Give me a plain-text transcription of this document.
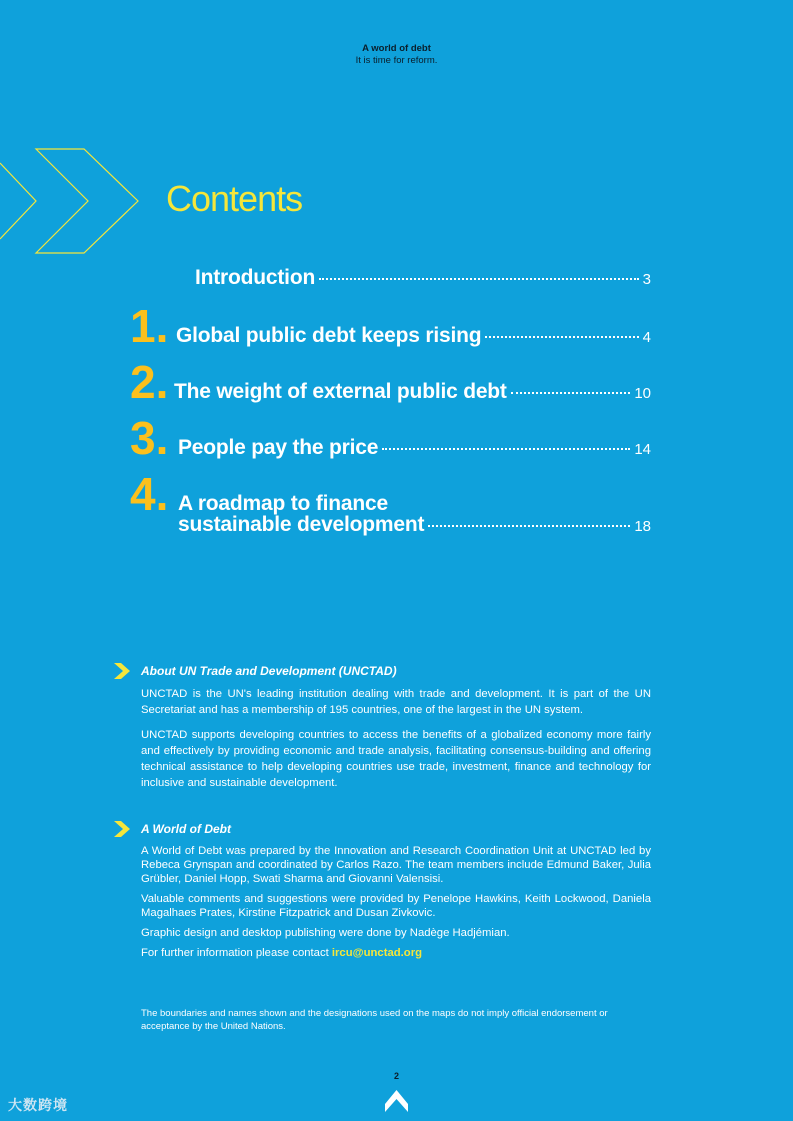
A world of debt
It is time for reform.
Contents
Introduction	3
1. Global public debt keeps rising	4
2. The weight of external public debt	10
3. People pay the price	14
4. A roadmap to finance
sustainable development	18
About UN Trade and Development (UNCTAD)

UNCTAD is the UN's leading institution dealing with trade and development. It is part of the UN Secretariat and has a membership of 195 countries, one of the largest in the UN system.

UNCTAD supports developing countries to access the benefits of a globalized economy more fairly and effectively by providing economic and trade analysis, facilitating consensus-building and offering technical assistance to help developing countries use trade, investment, finance and technology for inclusive and sustainable development.

A World of Debt

A World of Debt was prepared by the Innovation and Research Coordination Unit at UNCTAD led by Rebeca Grynspan and coordinated by Carlos Razo. The team members include Edmund Baker, Julia Grübler, Daniel Hopp, Swati Sharma and Giovanni Valensisi.

Valuable comments and suggestions were provided by Penelope Hawkins, Keith Lockwood, Daniela Magalhaes Prates, Kirstine Fitzpatrick and Dusan Zivkovic.

Graphic design and desktop publishing were done by Nadège Hadjémian.

For further information please contact ircu@unctad.org

The boundaries and names shown and the designations used on the maps do not imply official endorsement or acceptance by the United Nations.
2
大数跨境
